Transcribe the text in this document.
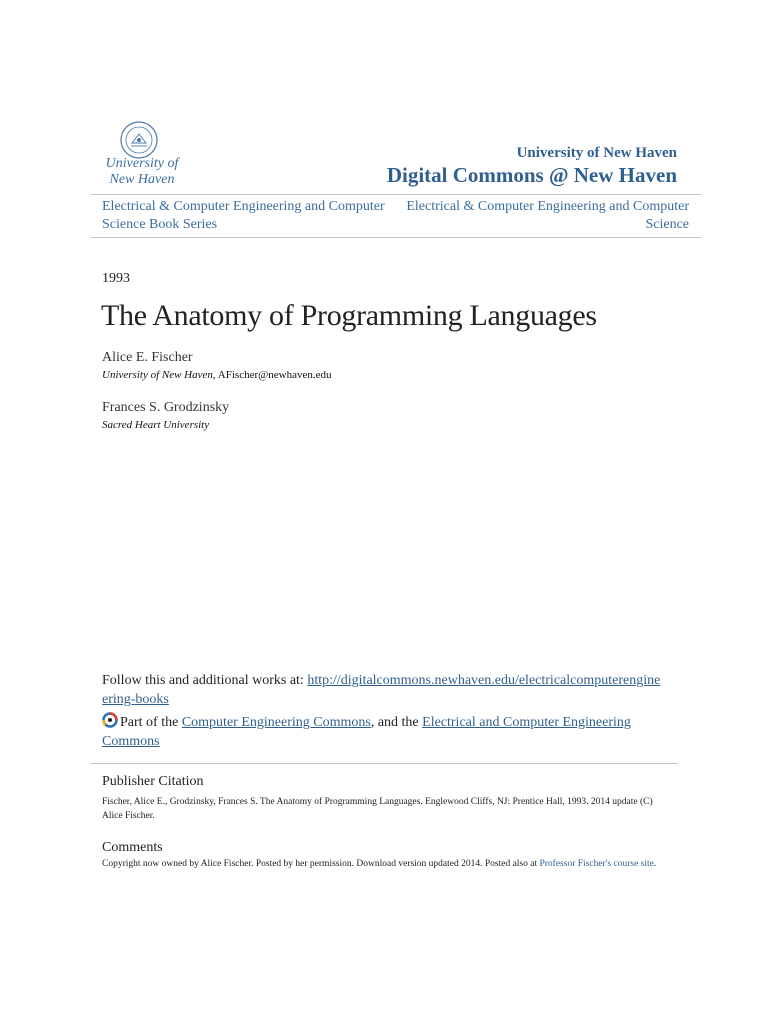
University of
New Haven
University of New Haven
Digital Commons @ New Haven
Electrical & Computer Engineering and Computer Science Book Series
Electrical & Computer Engineering and Computer Science
1993
The Anatomy of Programming Languages
Alice E. Fischer
University of New Haven, AFischer@newhaven.edu
Frances S. Grodzinsky
Sacred Heart University
Follow this and additional works at: http://digitalcommons.newhaven.edu/electricalcomputerengineering-books
Part of the Computer Engineering Commons, and the Electrical and Computer Engineering Commons
Publisher Citation
Fischer, Alice E., Grodzinsky, Frances S. The Anatomy of Programming Languages. Englewood Cliffs, NJ: Prentice Hall, 1993. 2014 update (C) Alice Fischer.
Comments
Copyright now owned by Alice Fischer. Posted by her permission. Download version updated 2014. Posted also at Professor Fischer's course site.
